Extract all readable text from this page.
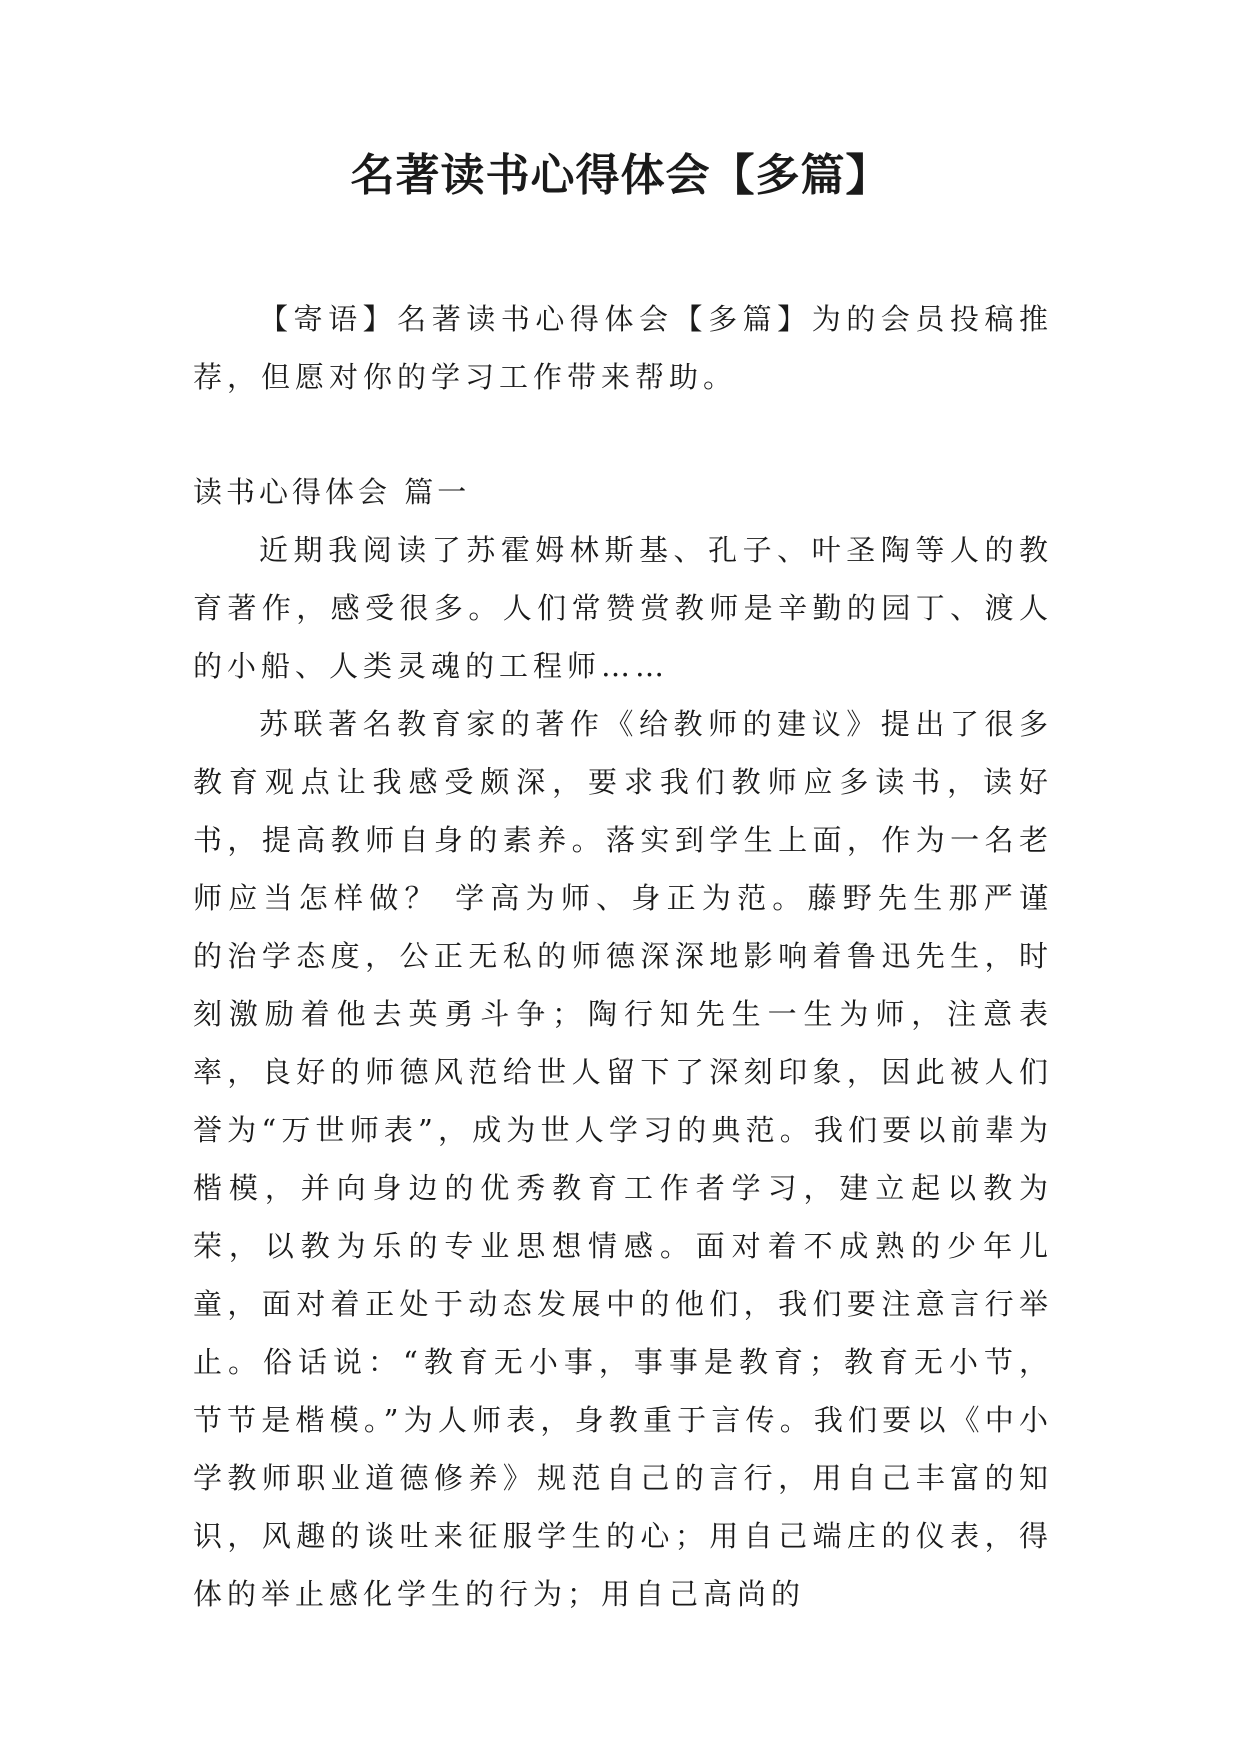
名著读书心得体会【多篇】

【寄语】名著读书心得体会【多篇】为的会员投稿推荐，但愿对你的学习工作带来帮助。

读书心得体会 篇一

近期我阅读了苏霍姆林斯基、孔子、叶圣陶等人的教育著作，感受很多。人们常赞赏教师是辛勤的园丁、渡人的小船、人类灵魂的工程师……

苏联著名教育家的著作《给教师的建议》提出了很多教育观点让我感受颇深，要求我们教师应多读书，读好书，提高教师自身的素养。落实到学生上面，作为一名老师应当怎样做？ 学高为师、身正为范。藤野先生那严谨的治学态度，公正无私的师德深深地影响着鲁迅先生，时刻激励着他去英勇斗争；陶行知先生一生为师，注意表率，良好的师德风范给世人留下了深刻印象，因此被人们誉为“万世师表”，成为世人学习的典范。我们要以前辈为楷模，并向身边的优秀教育工作者学习，建立起以教为荣，以教为乐的专业思想情感。面对着不成熟的少年儿童，面对着正处于动态发展中的他们，我们要注意言行举止。俗话说：“教育无小事，事事是教育；教育无小节，节节是楷模。”为人师表，身教重于言传。我们要以《中小学教师职业道德修养》规范自己的言行，用自己丰富的知识，风趣的谈吐来征服学生的心；用自己端庄的仪表，得体的举止感化学生的行为；用自己高尚的
